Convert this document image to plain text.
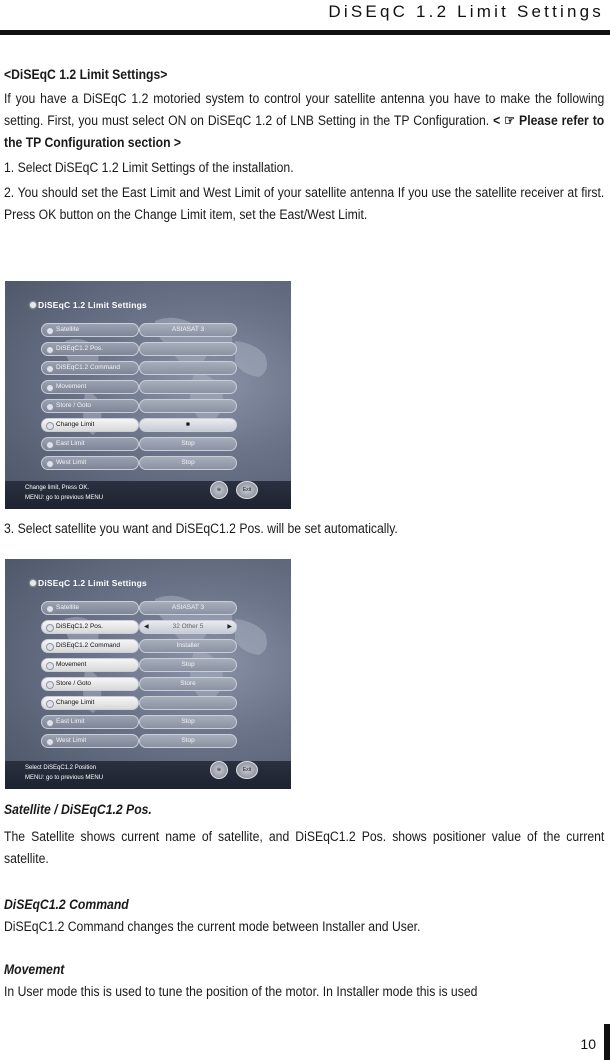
DiSEqC 1.2 Limit Settings
<DiSEqC 1.2 Limit Settings>
If you have a DiSEqC 1.2 motoried system to control your satellite antenna you have to make the following setting. First, you must select ON on DiSEqC 1.2 of LNB Setting in the TP Configuration. < ☞ Please refer to the TP Configuration section >
1. Select DiSEqC 1.2 Limit Settings of the installation.
2. You should set the East Limit and West Limit of your satellite antenna If you use the satellite receiver at first. Press OK button on the Change Limit item, set the East/West Limit.
DiSEqC 1.2 Limit Settings
Satellite	ASIASAT 3
DiSEqC1.2 Pos.
DiSEqC1.2 Command
Movement
Store / Goto
Change Limit	■
East Limit	Stop
West Limit	Stop
Change limit, Press OK.
MENU: go to previous MENU
⊕	Exit
3. Select satellite you want and DiSEqC1.2 Pos. will be set automatically.
DiSEqC 1.2 Limit Settings
Satellite	ASIASAT 3
DiSEqC1.2 Pos.	◀	32 Other 5	▶
DiSEqC1.2 Command	Installer
Movement	Stop
Store / Goto	Store
Change Limit
East Limit	Stop
West Limit	Stop
Select DiSEqC1.2 Position
MENU: go to previous MENU
⊕	Exit
Satellite / DiSEqC1.2 Pos.
The Satellite shows current name of satellite, and DiSEqC1.2 Pos. shows positioner value of the current satellite.
DiSEqC1.2 Command
DiSEqC1.2 Command changes the current mode between Installer and User.
Movement
In User mode this is used to tune the position of the motor. In Installer mode this is used
10
